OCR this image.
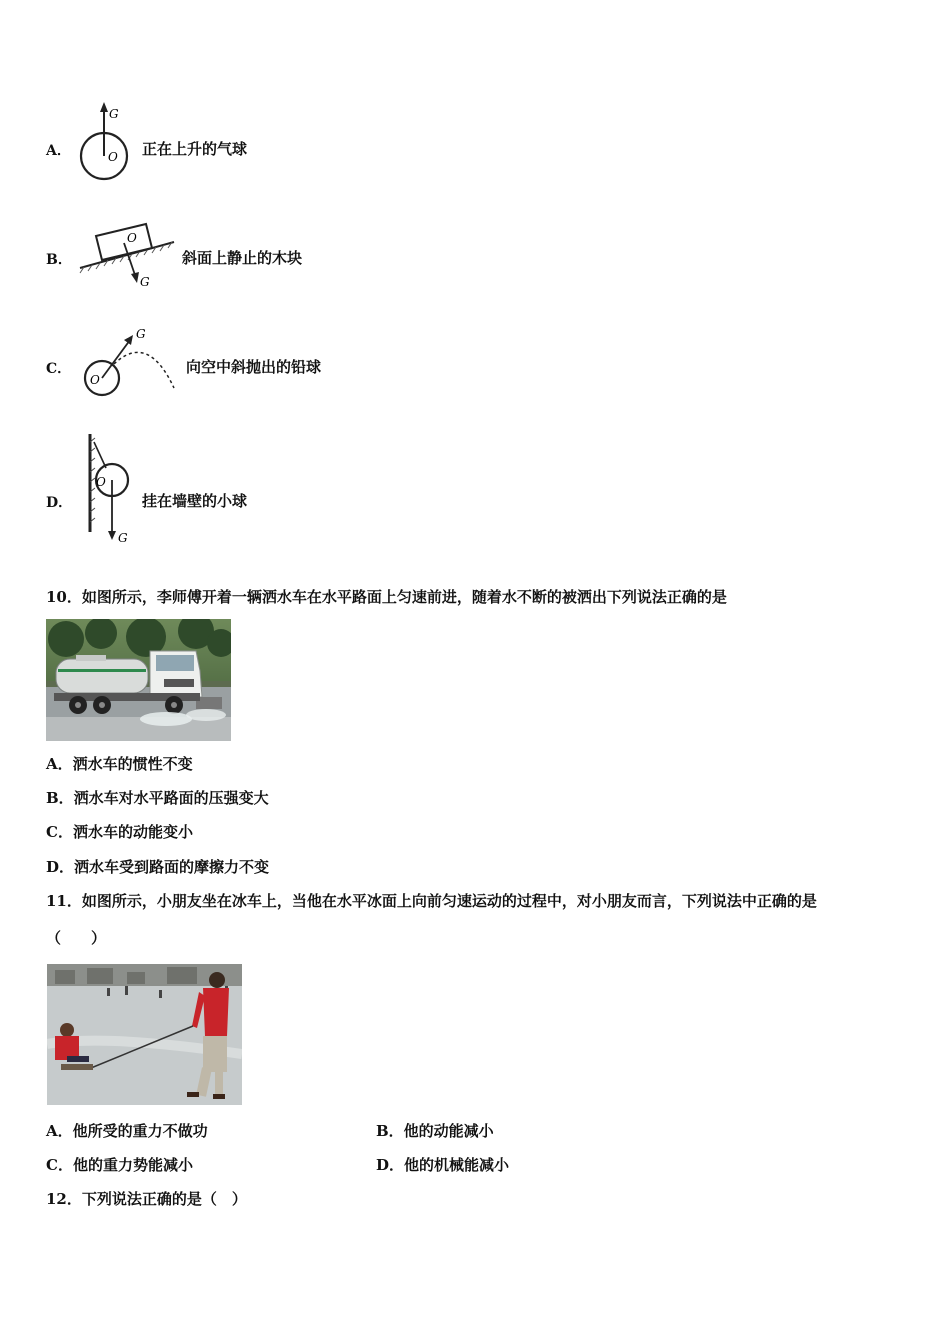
A．
G
O 正在上升的气球
B．
O
G
斜面上静止的木块
C．
G
O
向空中斜抛出的铅球
D．
O
G
挂在墙壁的小球
10．如图所示，李师傅开着一辆洒水车在水平路面上匀速前进，随着水不断的被洒出下列说法正确的是
A．洒水车的惯性不变
B．洒水车对水平路面的压强变大
C．洒水车的动能变小
D．洒水车受到路面的摩擦力不变
11．如图所示，小朋友坐在冰车上，当他在水平冰面上向前匀速运动的过程中，对小朋友而言，下列说法中正确的是
（　　）
A．他所受的重力不做功	B．他的动能减小
C．他的重力势能减小	D．他的机械能减小
12．下列说法正确的是（　）
